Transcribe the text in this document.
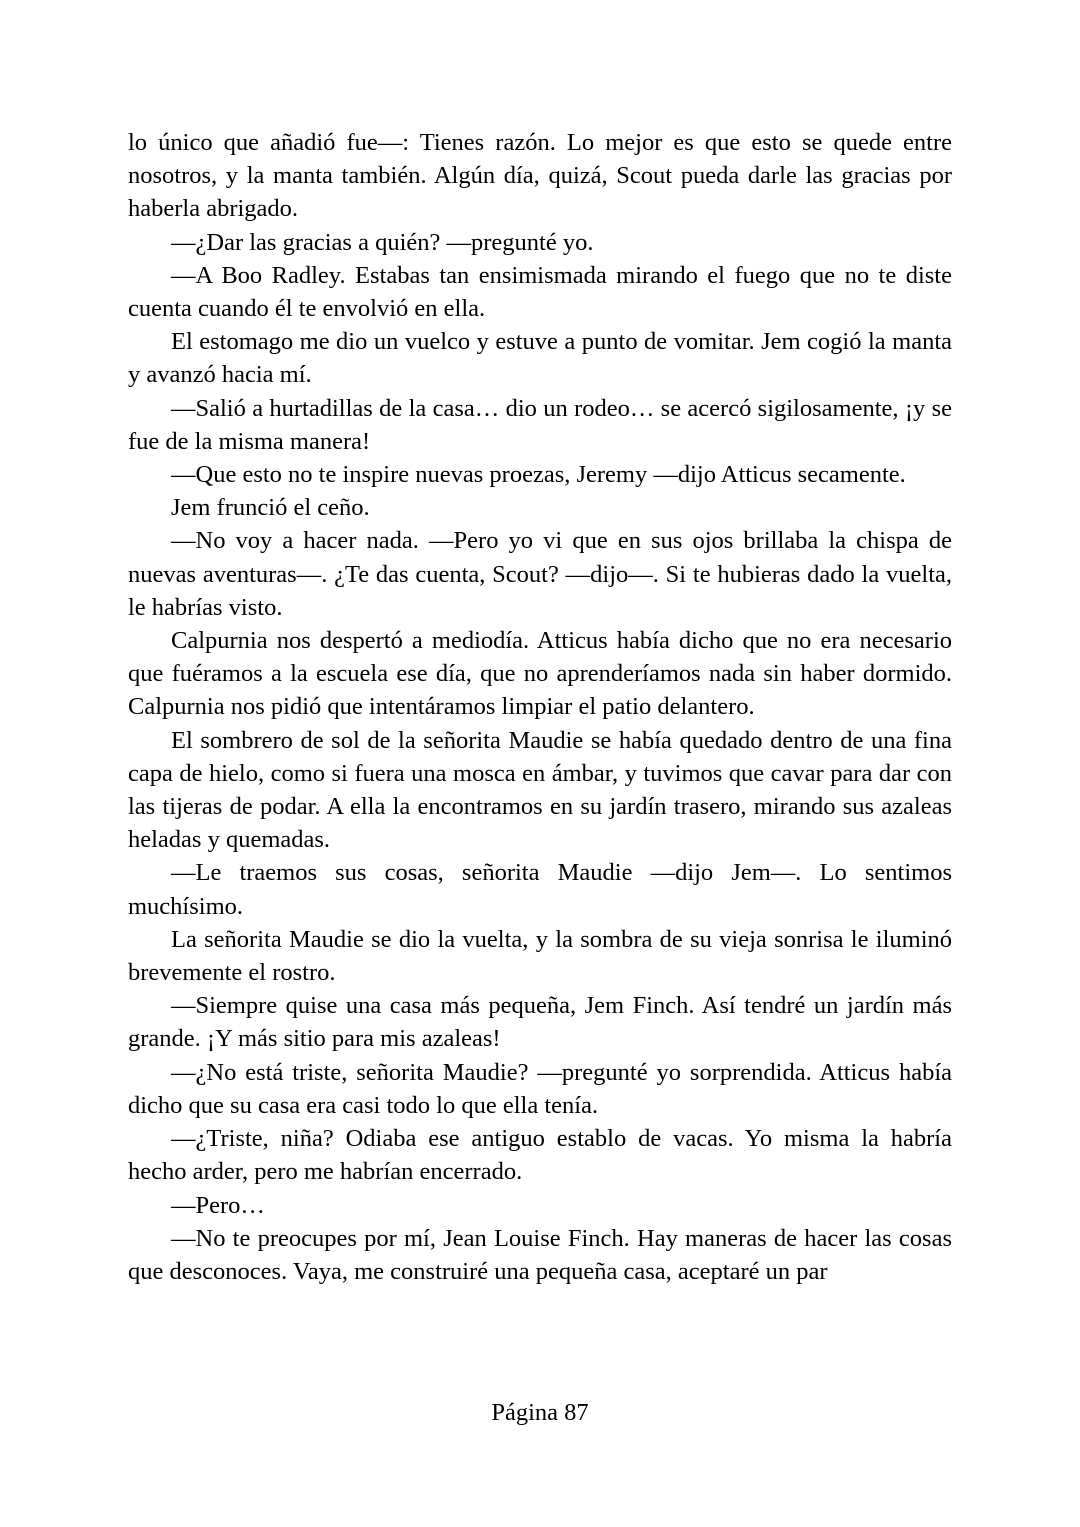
lo único que añadió fue—: Tienes razón. Lo mejor es que esto se quede entre nosotros, y la manta también. Algún día, quizá, Scout pueda darle las gracias por haberla abrigado.

—¿Dar las gracias a quién? —pregunté yo.

—A Boo Radley. Estabas tan ensimismada mirando el fuego que no te diste cuenta cuando él te envolvió en ella.

El estomago me dio un vuelco y estuve a punto de vomitar. Jem cogió la manta y avanzó hacia mí.

—Salió a hurtadillas de la casa… dio un rodeo… se acercó sigilosamente, ¡y se fue de la misma manera!

—Que esto no te inspire nuevas proezas, Jeremy —dijo Atticus secamente.

Jem frunció el ceño.

—No voy a hacer nada. —Pero yo vi que en sus ojos brillaba la chispa de nuevas aventuras—. ¿Te das cuenta, Scout? —dijo—. Si te hubieras dado la vuelta, le habrías visto.

Calpurnia nos despertó a mediodía. Atticus había dicho que no era necesario que fuéramos a la escuela ese día, que no aprenderíamos nada sin haber dormido. Calpurnia nos pidió que intentáramos limpiar el patio delantero.

El sombrero de sol de la señorita Maudie se había quedado dentro de una fina capa de hielo, como si fuera una mosca en ámbar, y tuvimos que cavar para dar con las tijeras de podar. A ella la encontramos en su jardín trasero, mirando sus azaleas heladas y quemadas.

—Le traemos sus cosas, señorita Maudie —dijo Jem—. Lo sentimos muchísimo.

La señorita Maudie se dio la vuelta, y la sombra de su vieja sonrisa le iluminó brevemente el rostro.

—Siempre quise una casa más pequeña, Jem Finch. Así tendré un jardín más grande. ¡Y más sitio para mis azaleas!

—¿No está triste, señorita Maudie? —pregunté yo sorprendida. Atticus había dicho que su casa era casi todo lo que ella tenía.

—¿Triste, niña? Odiaba ese antiguo establo de vacas. Yo misma la habría hecho arder, pero me habrían encerrado.

—Pero…

—No te preocupes por mí, Jean Louise Finch. Hay maneras de hacer las cosas que desconoces. Vaya, me construiré una pequeña casa, aceptaré un par

Página 87
